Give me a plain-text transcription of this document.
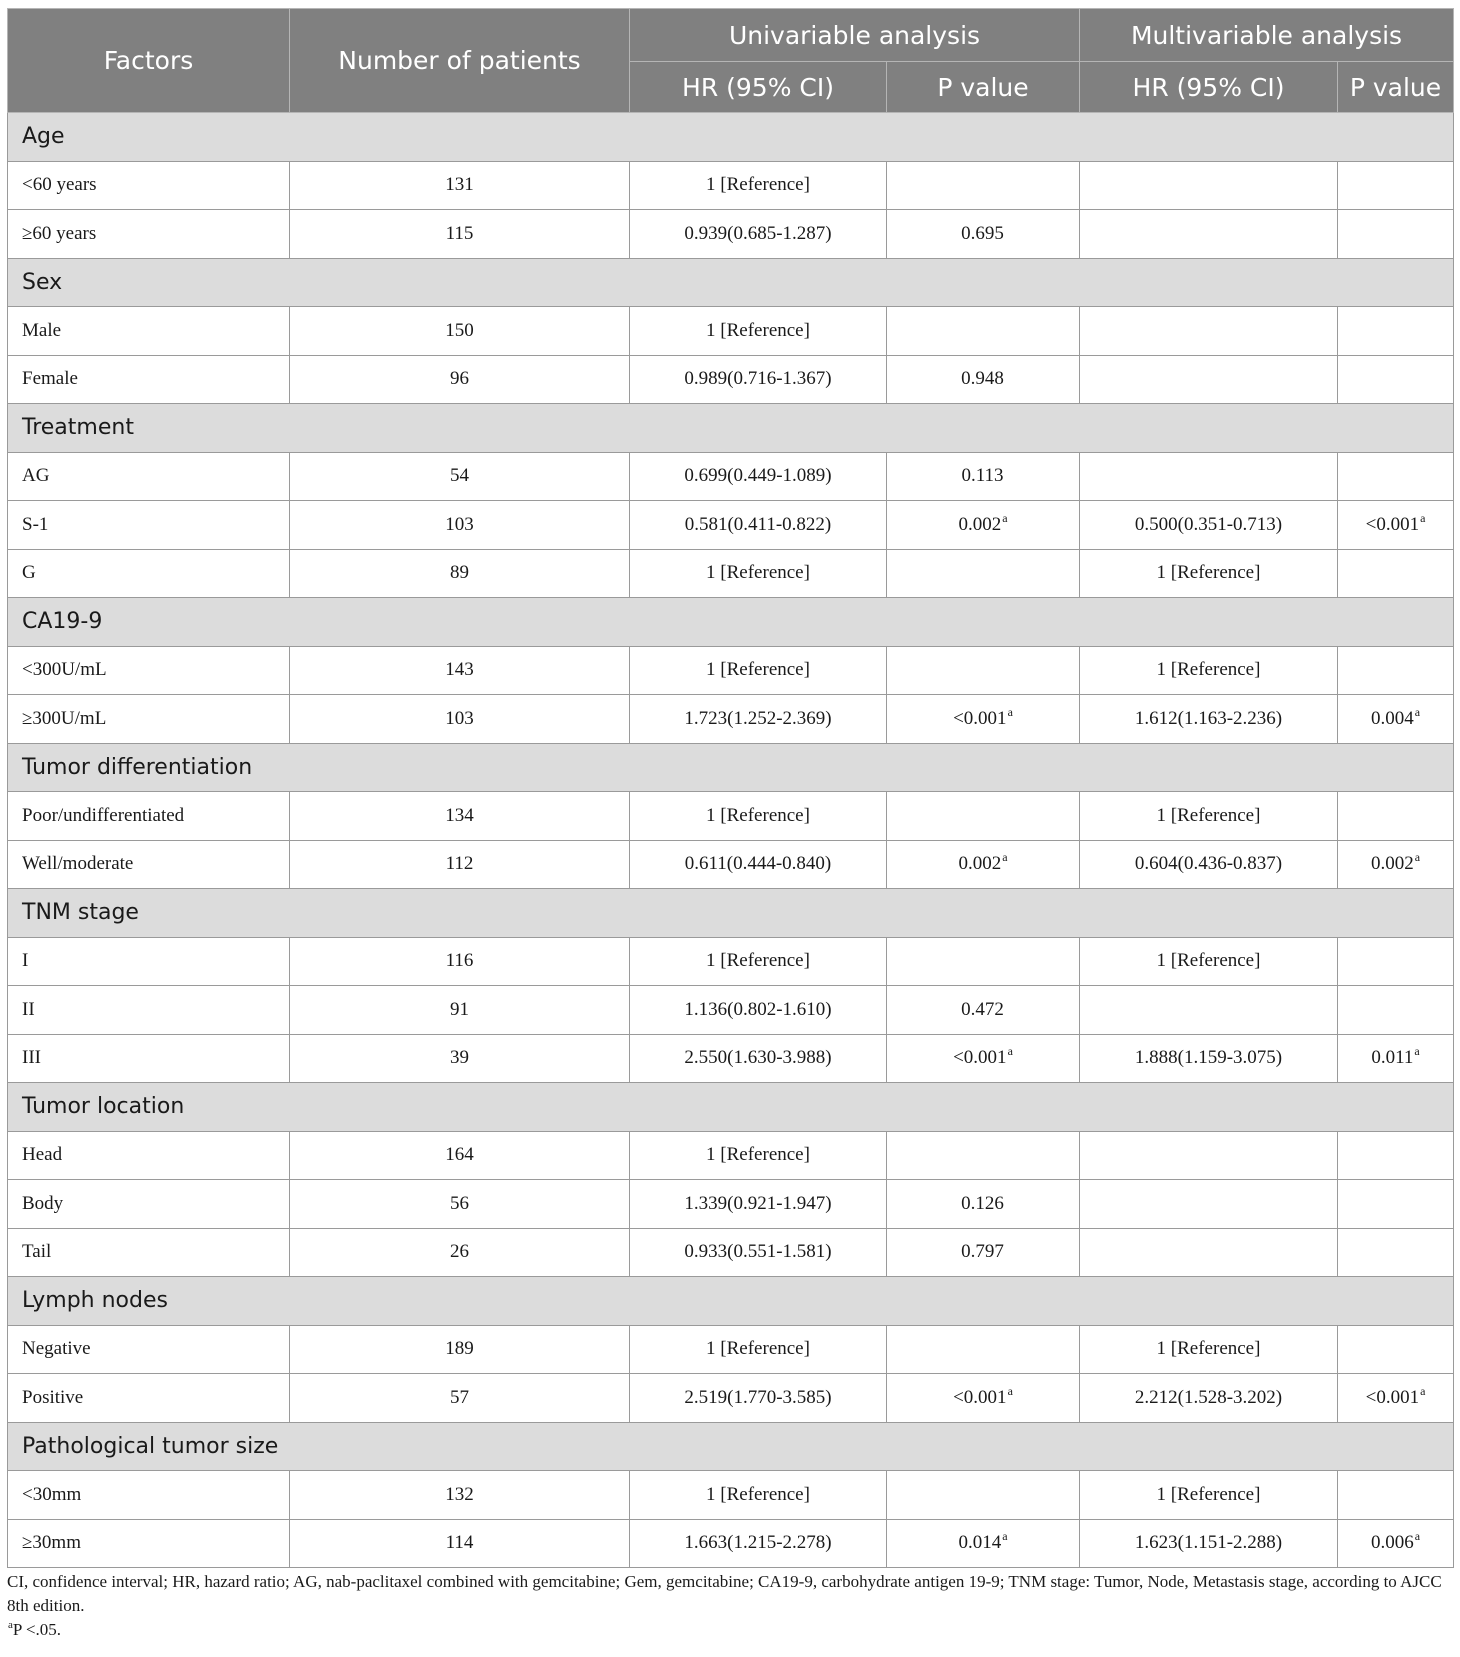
Factors	Number of patients	Univariable analysis		Multivariable analysis	
		HR (95% CI)	P value	HR (95% CI)	P value
Age					
<60 years	131	1 [Reference]			
≥60 years	115	0.939(0.685-1.287)	0.695		
Sex					
Male	150	1 [Reference]			
Female	96	0.989(0.716-1.367)	0.948		
Treatment					
AG	54	0.699(0.449-1.089)	0.113		
S-1	103	0.581(0.411-0.822)	0.002$^a$	0.500(0.351-0.713)	<0.001$^a$
G	89	1 [Reference]		1 [Reference]	
CA19-9					
<300U/mL	143	1 [Reference]		1 [Reference]	
≥300U/mL	103	1.723(1.252-2.369)	<0.001$^a$	1.612(1.163-2.236)	0.004$^a$
Tumor differentiation					
Poor/undifferentiated	134	1 [Reference]		1 [Reference]	
Well/moderate	112	0.611(0.444-0.840)	0.002$^a$	0.604(0.436-0.837)	0.002$^a$
TNM stage					
I	116	1 [Reference]		1 [Reference]	
II	91	1.136(0.802-1.610)	0.472		
III	39	2.550(1.630-3.988)	<0.001$^a$	1.888(1.159-3.075)	0.011$^a$
Tumor location					
Head	164	1 [Reference]			
Body	56	1.339(0.921-1.947)	0.126		
Tail	26	0.933(0.551-1.581)	0.797		
Lymph nodes					
Negative	189	1 [Reference]		1 [Reference]	
Positive	57	2.519(1.770-3.585)	<0.001$^a$	2.212(1.528-3.202)	<0.001$^a$
Pathological tumor size					
<30mm	132	1 [Reference]		1 [Reference]	
≥30mm	114	1.663(1.215-2.278)	0.014$^a$	1.623(1.151-2.288)	0.006$^a$
CI, confidence interval; HR, hazard ratio; AG, nab-paclitaxel combined with gemcitabine; Gem, gemcitabine; CA19-9, carbohydrate antigen 19-9; TNM stage: Tumor, Node, Metastasis stage, according to AJCC 8th edition.
$^a$P <.05.
